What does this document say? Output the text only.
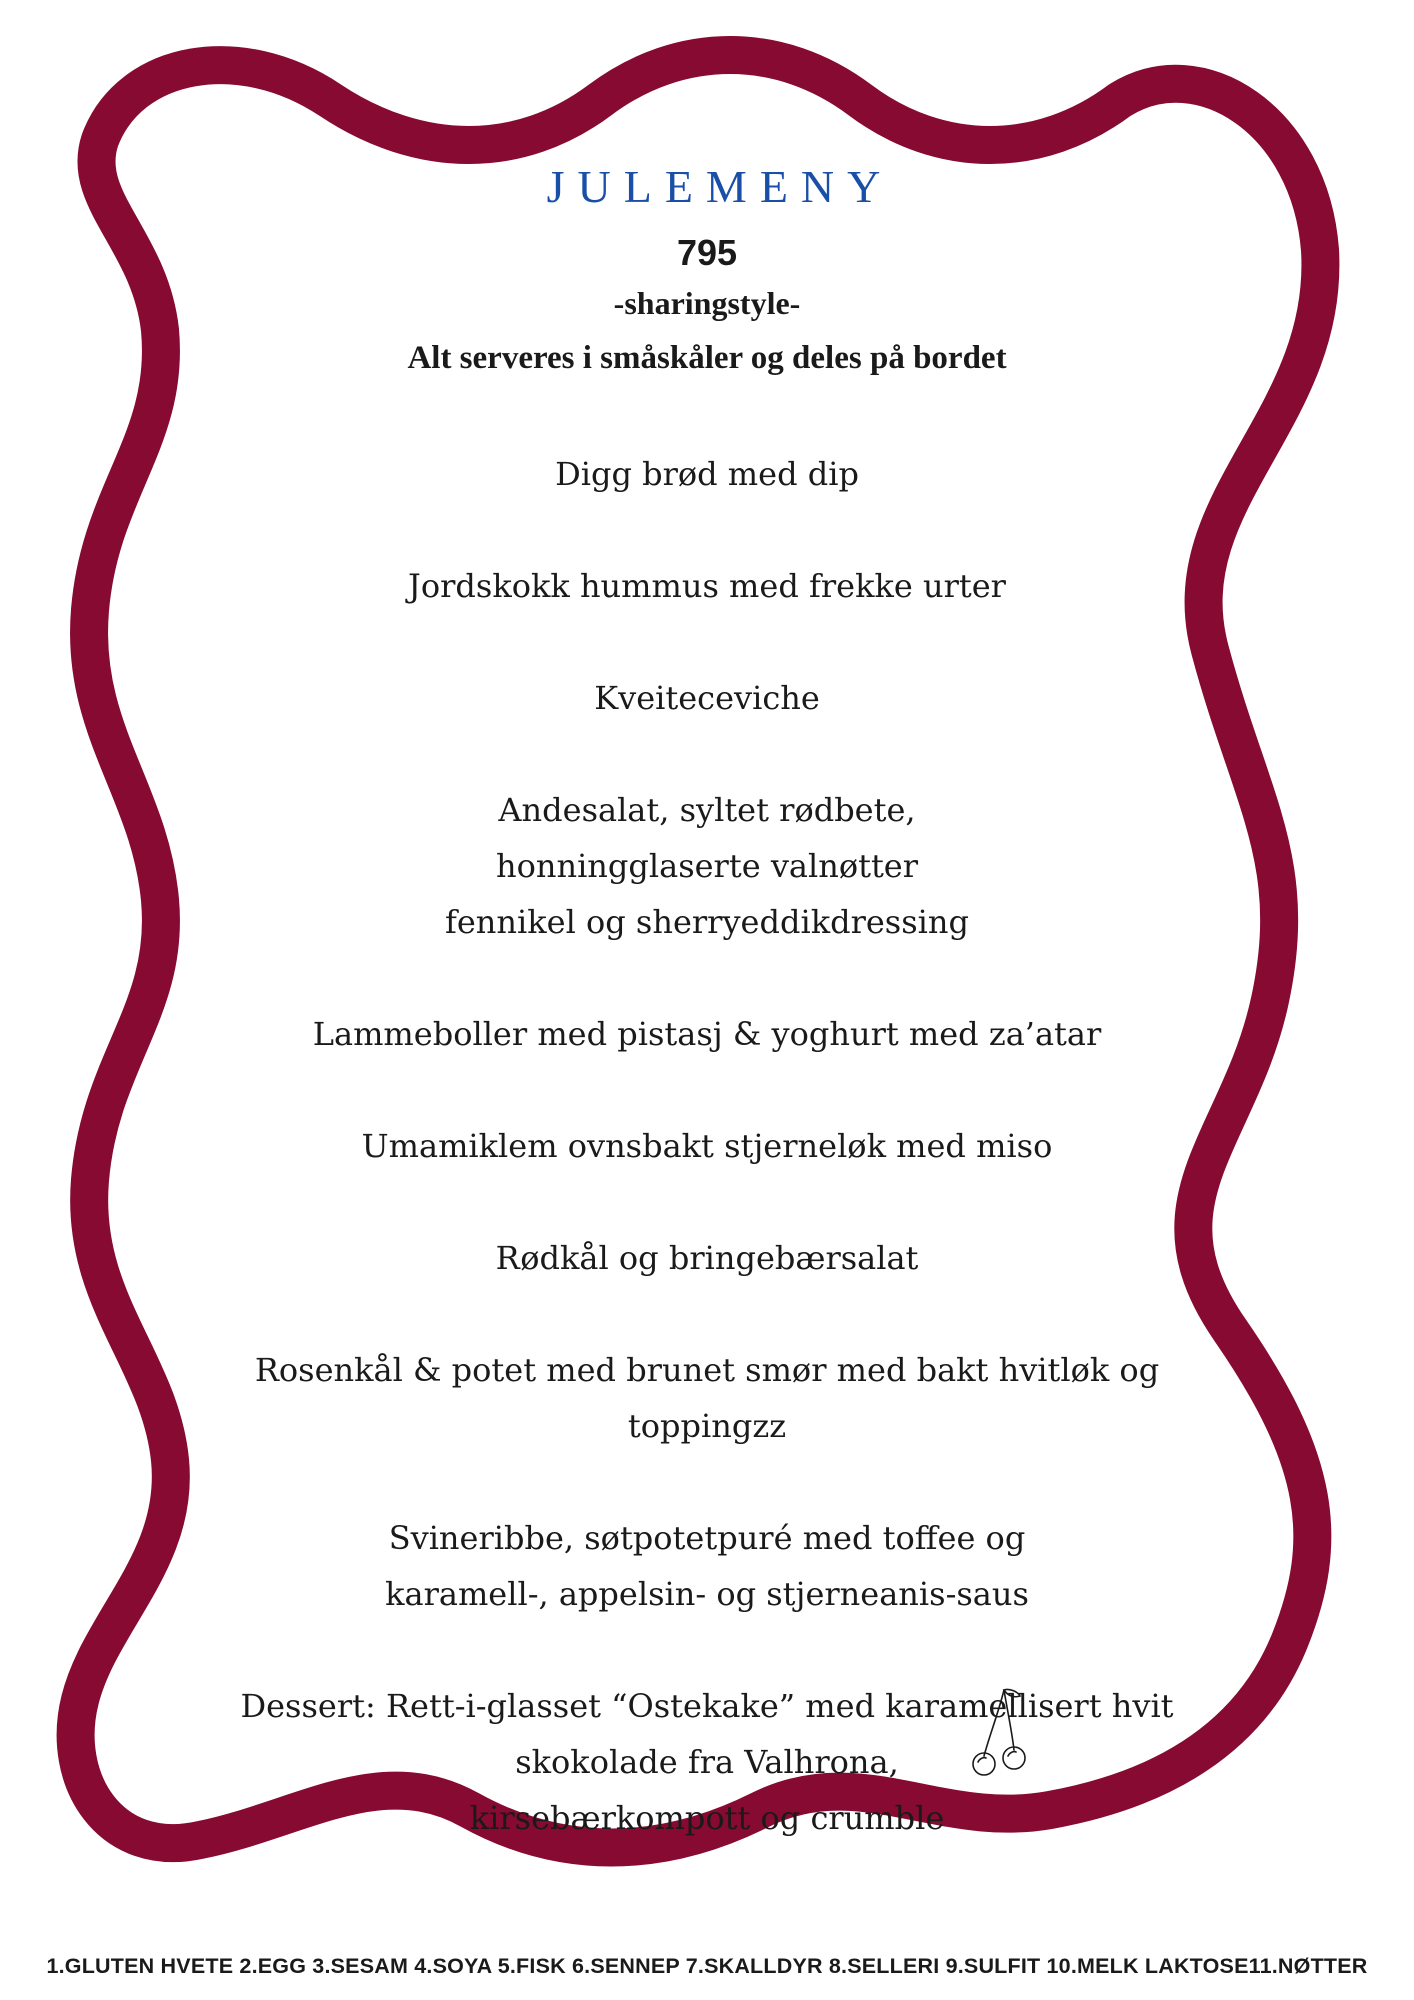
JULEMENY
795
-sharingstyle-
Alt serveres i småskåler og deles på bordet
Digg brød med dip
Jordskokk hummus med frekke urter
Kveiteceviche
Andesalat, syltet rødbete,
honningglaserte valnøtter
fennikel og sherryeddikdressing
Lammeboller med pistasj & yoghurt med za’atar
Umamiklem ovnsbakt stjerneløk med miso
Rødkål og bringebærsalat
Rosenkål & potet med brunet smør med bakt hvitløk og
toppingzz
Svineribbe, søtpotetpuré med toffee og
karamell-, appelsin- og stjerneanis-saus
Dessert: Rett-i-glasset “Ostekake” med karamellisert hvit
skokolade fra Valhrona,
kirsebærkompott og crumble
1.GLUTEN HVETE 2.EGG 3.SESAM 4.SOYA 5.FISK 6.SENNEP 7.SKALLDYR 8.SELLERI 9.SULFIT 10.MELK LAKTOSE11.NØTTER
